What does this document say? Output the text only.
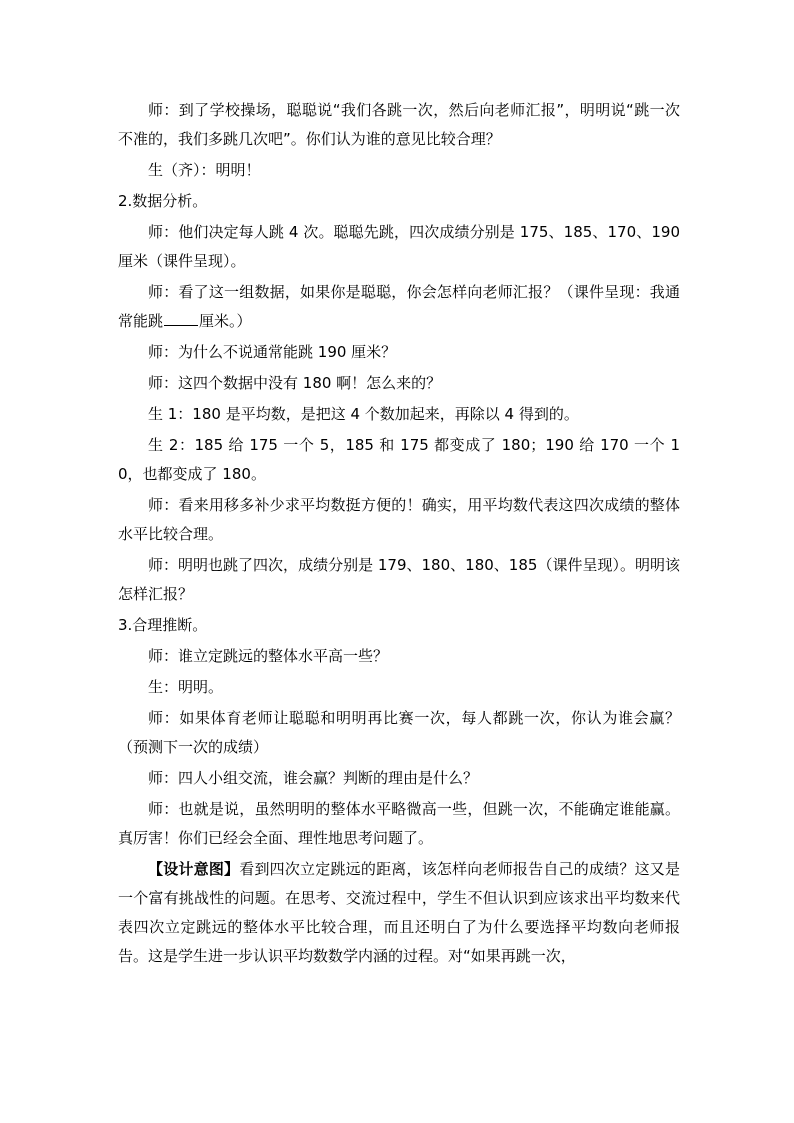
师：到了学校操场，聪聪说“我们各跳一次，然后向老师汇报”，明明说“跳一次不准的，我们多跳几次吧”。你们认为谁的意见比较合理？

生（齐）：明明！

2.数据分析。

师：他们决定每人跳 4 次。聪聪先跳，四次成绩分别是 175、185、170、190 厘米（课件呈现）。

师：看了这一组数据，如果你是聪聪，你会怎样向老师汇报？（课件呈现：我通常能跳 厘米。）

师：为什么不说通常能跳 190 厘米？

师：这四个数据中没有 180 啊！怎么来的？

生 1：180 是平均数，是把这 4 个数加起来，再除以 4 得到的。

生 2：185 给 175 一个 5，185 和 175 都变成了 180；190 给 170 一个 10，也都变成了 180。

师：看来用移多补少求平均数挺方便的！确实，用平均数代表这四次成绩的整体水平比较合理。

师：明明也跳了四次，成绩分别是 179、180、180、185（课件呈现）。明明该怎样汇报？

3.合理推断。

师：谁立定跳远的整体水平高一些？

生：明明。

师：如果体育老师让聪聪和明明再比赛一次，每人都跳一次，你认为谁会赢？（预测下一次的成绩）

师：四人小组交流，谁会赢？判断的理由是什么？

师：也就是说，虽然明明的整体水平略微高一些，但跳一次，不能确定谁能赢。真厉害！你们已经会全面、理性地思考问题了。

【设计意图】看到四次立定跳远的距离，该怎样向老师报告自己的成绩？这又是一个富有挑战性的问题。在思考、交流过程中，学生不但认识到应该求出平均数来代表四次立定跳远的整体水平比较合理，而且还明白了为什么要选择平均数向老师报告。这是学生进一步认识平均数数学内涵的过程。对“如果再跳一次，
